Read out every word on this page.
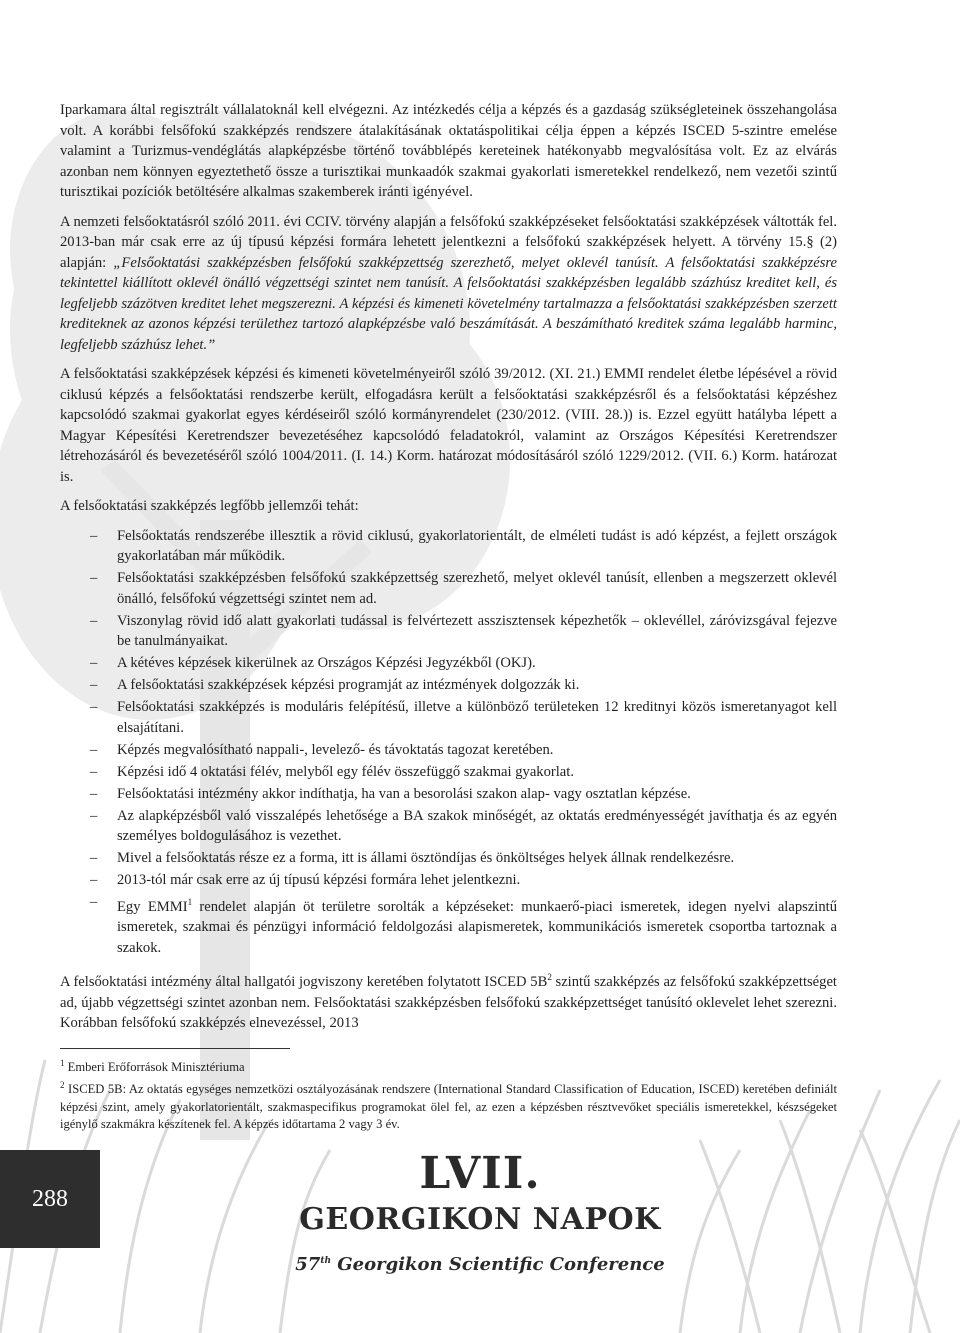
Iparkamara által regisztrált vállalatoknál kell elvégezni. Az intézkedés célja a képzés és a gazdaság szükségleteinek összehangolása volt. A korábbi felsőfokú szakképzés rendszere átalakításának oktatáspolitikai célja éppen a képzés ISCED 5-szintre emelése valamint a Turizmus-vendéglátás alapképzésbe történő továbblépés kereteinek hatékonyabb megvalósítása volt. Ez az elvárás azonban nem könnyen egyeztethető össze a turisztikai munkaadók szakmai gyakorlati ismeretekkel rendelkező, nem vezetői szintű turisztikai pozíciók betöltésére alkalmas szakemberek iránti igényével.

A nemzeti felsőoktatásról szóló 2011. évi CCIV. törvény alapján a felsőfokú szakképzéseket felsőoktatási szakképzések váltották fel. 2013-ban már csak erre az új típusú képzési formára lehetett jelentkezni a felsőfokú szakképzések helyett. A törvény 15.§ (2) alapján: „Felsőoktatási szakképzésben felsőfokú szakképzettség szerezhető, melyet oklevél tanúsít. A felsőoktatási szakképzésre tekintettel kiállított oklevél önálló végzettségi szintet nem tanúsít. A felsőoktatási szakképzésben legalább százhúsz kreditet kell, és legfeljebb százötven kreditet lehet megszerezni. A képzési és kimeneti követelmény tartalmazza a felsőoktatási szakképzésben szerzett krediteknek az azonos képzési területhez tartozó alapképzésbe való beszámítását. A beszámítható kreditek száma legalább harminc, legfeljebb százhúsz lehet.”

A felsőoktatási szakképzések képzési és kimeneti követelményeiről szóló 39/2012. (XI. 21.) EMMI rendelet életbe lépésével a rövid ciklusú képzés a felsőoktatási rendszerbe került, elfogadásra került a felsőoktatási szakképzésről és a felsőoktatási képzéshez kapcsolódó szakmai gyakorlat egyes kérdéseiről szóló kormányrendelet (230/2012. (VIII. 28.)) is. Ezzel együtt hatályba lépett a Magyar Képesítési Keretrendszer bevezetéséhez kapcsolódó feladatokról, valamint az Országos Képesítési Keretrendszer létrehozásáról és bevezetéséről szóló 1004/2011. (I. 14.) Korm. határozat módosításáról szóló 1229/2012. (VII. 6.) Korm. határozat is.

A felsőoktatási szakképzés legfőbb jellemzői tehát:

– Felsőoktatás rendszerébe illesztik a rövid ciklusú, gyakorlatorientált, de elméleti tudást is adó képzést, a fejlett országok gyakorlatában már működik.
– Felsőoktatási szakképzésben felsőfokú szakképzettség szerezhető, melyet oklevél tanúsít, ellenben a megszerzett oklevél önálló, felsőfokú végzettségi szintet nem ad.
– Viszonylag rövid idő alatt gyakorlati tudással is felvértezett asszisztensek képezhetők – oklevéllel, záróvizsgával fejezve be tanulmányaikat.
– A kétéves képzések kikerülnek az Országos Képzési Jegyzékből (OKJ).
– A felsőoktatási szakképzések képzési programját az intézmények dolgozzák ki.
– Felsőoktatási szakképzés is moduláris felépítésű, illetve a különböző területeken 12 kreditnyi közös ismeretanyagot kell elsajátítani.
– Képzés megvalósítható nappali-, levelező- és távoktatás tagozat keretében.
– Képzési idő 4 oktatási félév, melyből egy félév összefüggő szakmai gyakorlat.
– Felsőoktatási intézmény akkor indíthatja, ha van a besorolási szakon alap- vagy osztatlan képzése.
– Az alapképzésből való visszalépés lehetősége a BA szakok minőségét, az oktatás eredményességét javíthatja és az egyén személyes boldogulásához is vezethet.
– Mivel a felsőoktatás része ez a forma, itt is állami ösztöndíjas és önköltséges helyek állnak rendelkezésre.
– 2013-tól már csak erre az új típusú képzési formára lehet jelentkezni.
– Egy EMMI$^1$ rendelet alapján öt területre sorolták a képzéseket: munkaerő-piaci ismeretek, idegen nyelvi alapszintű ismeretek, szakmai és pénzügyi információ feldolgozási alapismeretek, kommunikációs ismeretek csoportba tartoznak a szakok.

A felsőoktatási intézmény által hallgatói jogviszony keretében folytatott ISCED $5B^2$ szintű szakképzés az felsőfokú szakképzettséget ad, újabb végzettségi szintet azonban nem. Felsőoktatási szakképzésben felsőfokú szakképzettséget tanúsító oklevelet lehet szerezni. Korábban felsőfokú szakképzés elnevezéssel, 2013

$^1$ Emberi Erőforrások Minisztériuma

$^2$ ISCED 5B: Az oktatás egységes nemzetközi osztályozásának rendszere (International Standard Classification of Education, ISCED) keretében definiált képzési szint, amely gyakorlatorientált, szakmaspecifikus programokat ölel fel, az ezen a képzésben résztvevőket speciális ismeretekkel, készségeket igénylő szakmákra készítenek fel. A képzés időtartama 2 vagy 3 év.

288	LVII.
GEORGIKON NAPOK
57th Georgikon Scientific Conference
